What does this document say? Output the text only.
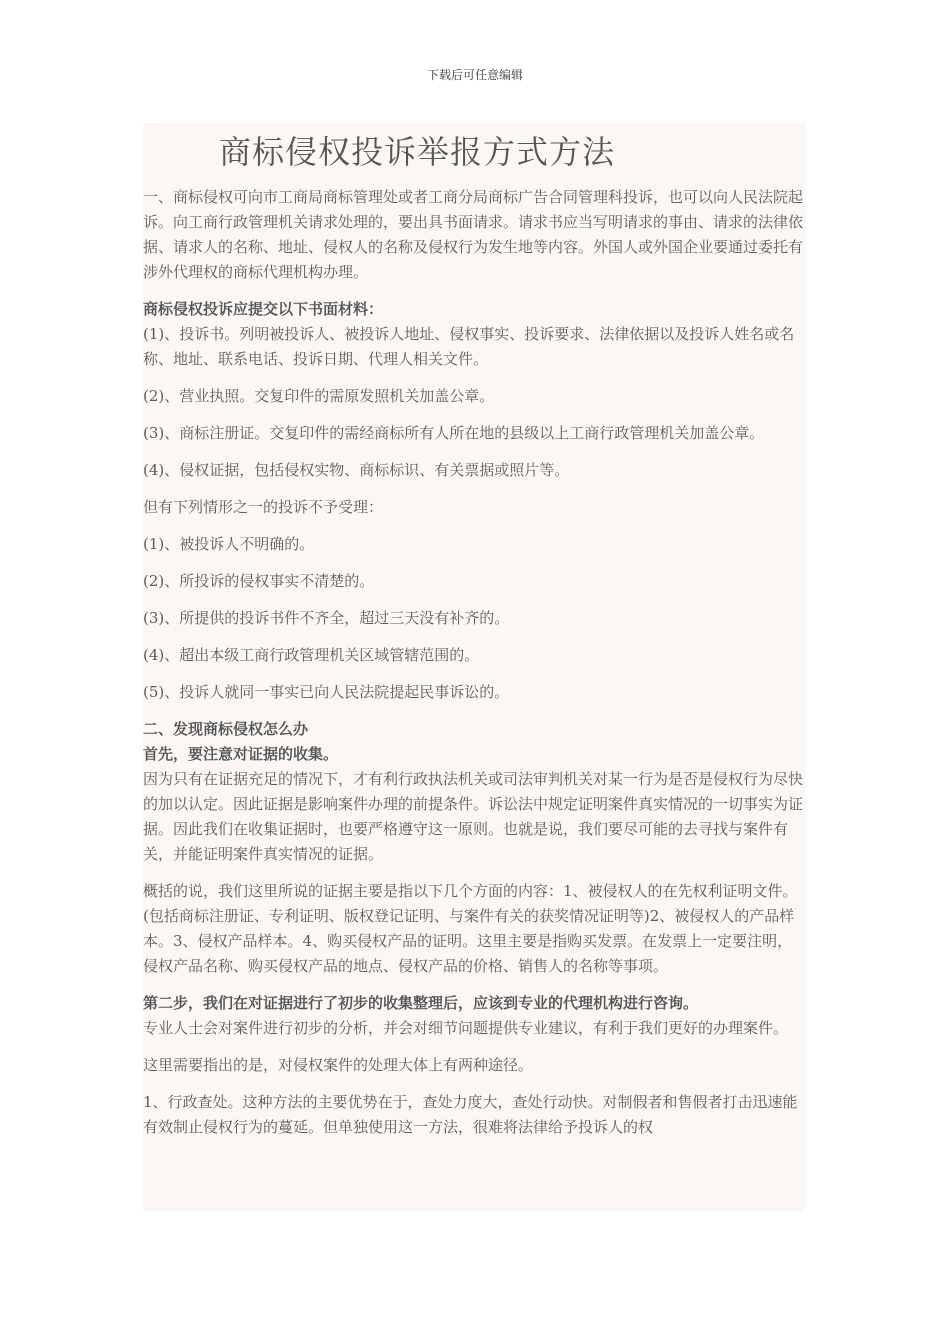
下载后可任意编辑
商标侵权投诉举报方式方法

一、商标侵权可向市工商局商标管理处或者工商分局商标广告合同管理科投诉，也可以向人民法院起诉。向工商行政管理机关请求处理的，要出具书面请求。请求书应当写明请求的事由、请求的法律依据、请求人的名称、地址、侵权人的名称及侵权行为发生地等内容。外国人或外国企业要通过委托有涉外代理权的商标代理机构办理。

商标侵权投诉应提交以下书面材料：

(1)、投诉书。列明被投诉人、被投诉人地址、侵权事实、投诉要求、法律依据以及投诉人姓名或名称、地址、联系电话、投诉日期、代理人相关文件。

(2)、营业执照。交复印件的需原发照机关加盖公章。

(3)、商标注册证。交复印件的需经商标所有人所在地的县级以上工商行政管理机关加盖公章。

(4)、侵权证据，包括侵权实物、商标标识、有关票据或照片等。

但有下列情形之一的投诉不予受理：

(1)、被投诉人不明确的。

(2)、所投诉的侵权事实不清楚的。

(3)、所提供的投诉书件不齐全，超过三天没有补齐的。

(4)、超出本级工商行政管理机关区域管辖范围的。

(5)、投诉人就同一事实已向人民法院提起民事诉讼的。

二、发现商标侵权怎么办

首先，要注意对证据的收集。

因为只有在证据充足的情况下，才有利行政执法机关或司法审判机关对某一行为是否是侵权行为尽快的加以认定。因此证据是影响案件办理的前提条件。诉讼法中规定证明案件真实情况的一切事实为证据。因此我们在收集证据时，也要严格遵守这一原则。也就是说，我们要尽可能的去寻找与案件有关，并能证明案件真实情况的证据。

概括的说，我们这里所说的证据主要是指以下几个方面的内容：1、被侵权人的在先权利证明文件。(包括商标注册证、专利证明、版权登记证明、与案件有关的获奖情况证明等)2、被侵权人的产品样本。3、侵权产品样本。4、购买侵权产品的证明。这里主要是指购买发票。在发票上一定要注明，侵权产品名称、购买侵权产品的地点、侵权产品的价格、销售人的名称等事项。

第二步，我们在对证据进行了初步的收集整理后，应该到专业的代理机构进行咨询。

专业人士会对案件进行初步的分析，并会对细节问题提供专业建议，有利于我们更好的办理案件。

这里需要指出的是，对侵权案件的处理大体上有两种途径。

1、行政查处。这种方法的主要优势在于，查处力度大，查处行动快。对制假者和售假者打击迅速能有效制止侵权行为的蔓延。但单独使用这一方法，很难将法律给予投诉人的权
